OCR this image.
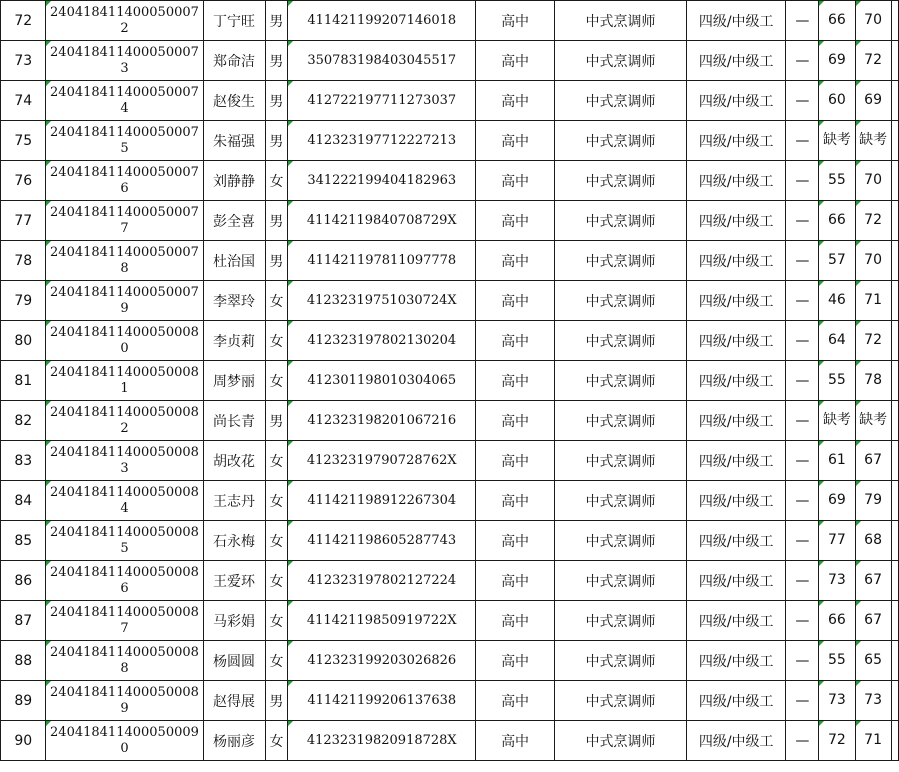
72	2404184114000500072	丁宁旺	男	411421199207146018	高中	中式烹调师	四级/中级工	—	66	70	
73	2404184114000500073	郑命洁	男	350783198403045517	高中	中式烹调师	四级/中级工	—	69	72	
74	2404184114000500074	赵俊生	男	412722197711273037	高中	中式烹调师	四级/中级工	—	60	69	
75	2404184114000500075	朱福强	男	412323197712227213	高中	中式烹调师	四级/中级工	—	缺考	缺考	
76	2404184114000500076	刘静静	女	341222199404182963	高中	中式烹调师	四级/中级工	—	55	70	
77	2404184114000500077	彭全喜	男	41142119840708729X	高中	中式烹调师	四级/中级工	—	66	72	
78	2404184114000500078	杜治国	男	411421197811097778	高中	中式烹调师	四级/中级工	—	57	70	
79	2404184114000500079	李翠玲	女	41232319751030724X	高中	中式烹调师	四级/中级工	—	46	71	
80	2404184114000500080	李贞莉	女	412323197802130204	高中	中式烹调师	四级/中级工	—	64	72	
81	2404184114000500081	周梦丽	女	412301198010304065	高中	中式烹调师	四级/中级工	—	55	78	
82	2404184114000500082	尚长青	男	412323198201067216	高中	中式烹调师	四级/中级工	—	缺考	缺考	
83	2404184114000500083	胡改花	女	41232319790728762X	高中	中式烹调师	四级/中级工	—	61	67	
84	2404184114000500084	王志丹	女	411421198912267304	高中	中式烹调师	四级/中级工	—	69	79	
85	2404184114000500085	石永梅	女	411421198605287743	高中	中式烹调师	四级/中级工	—	77	68	
86	2404184114000500086	王爱环	女	412323197802127224	高中	中式烹调师	四级/中级工	—	73	67	
87	2404184114000500087	马彩娟	女	41142119850919722X	高中	中式烹调师	四级/中级工	—	66	67	
88	2404184114000500088	杨圆圆	女	412323199203026826	高中	中式烹调师	四级/中级工	—	55	65	
89	2404184114000500089	赵得展	男	411421199206137638	高中	中式烹调师	四级/中级工	—	73	73	
90	2404184114000500090	杨丽彦	女	41232319820918728X	高中	中式烹调师	四级/中级工	—	72	71	
